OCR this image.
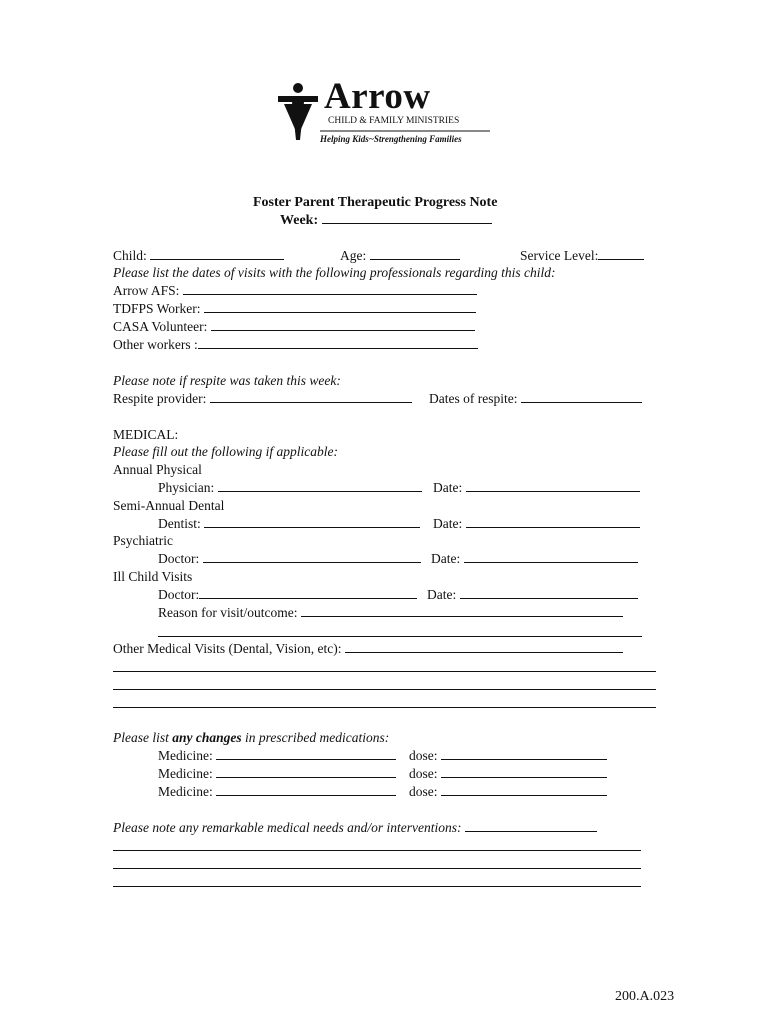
Arrow
CHILD & FAMILY MINISTRIES
Helping Kids~Strengthening Families
Foster Parent Therapeutic Progress Note
Week:
Child:	Age:	Service Level:
Please list the dates of visits with the following professionals regarding this child:
Arrow AFS:
TDFPS Worker:
CASA Volunteer:
Other workers :
Please note if respite was taken this week:
Respite provider:	Dates of respite:
MEDICAL:
Please fill out the following if applicable:
Annual Physical
Physician:	Date:
Semi-Annual Dental
Dentist:	Date:
Psychiatric
Doctor:	Date:
Ill Child Visits
Doctor:	Date:
Reason for visit/outcome:
Other Medical Visits (Dental, Vision, etc):
Please list any changes in prescribed medications:
Medicine:	dose:
Medicine:	dose:
Medicine:	dose:
Please note any remarkable medical needs and/or interventions:
200.A.023
